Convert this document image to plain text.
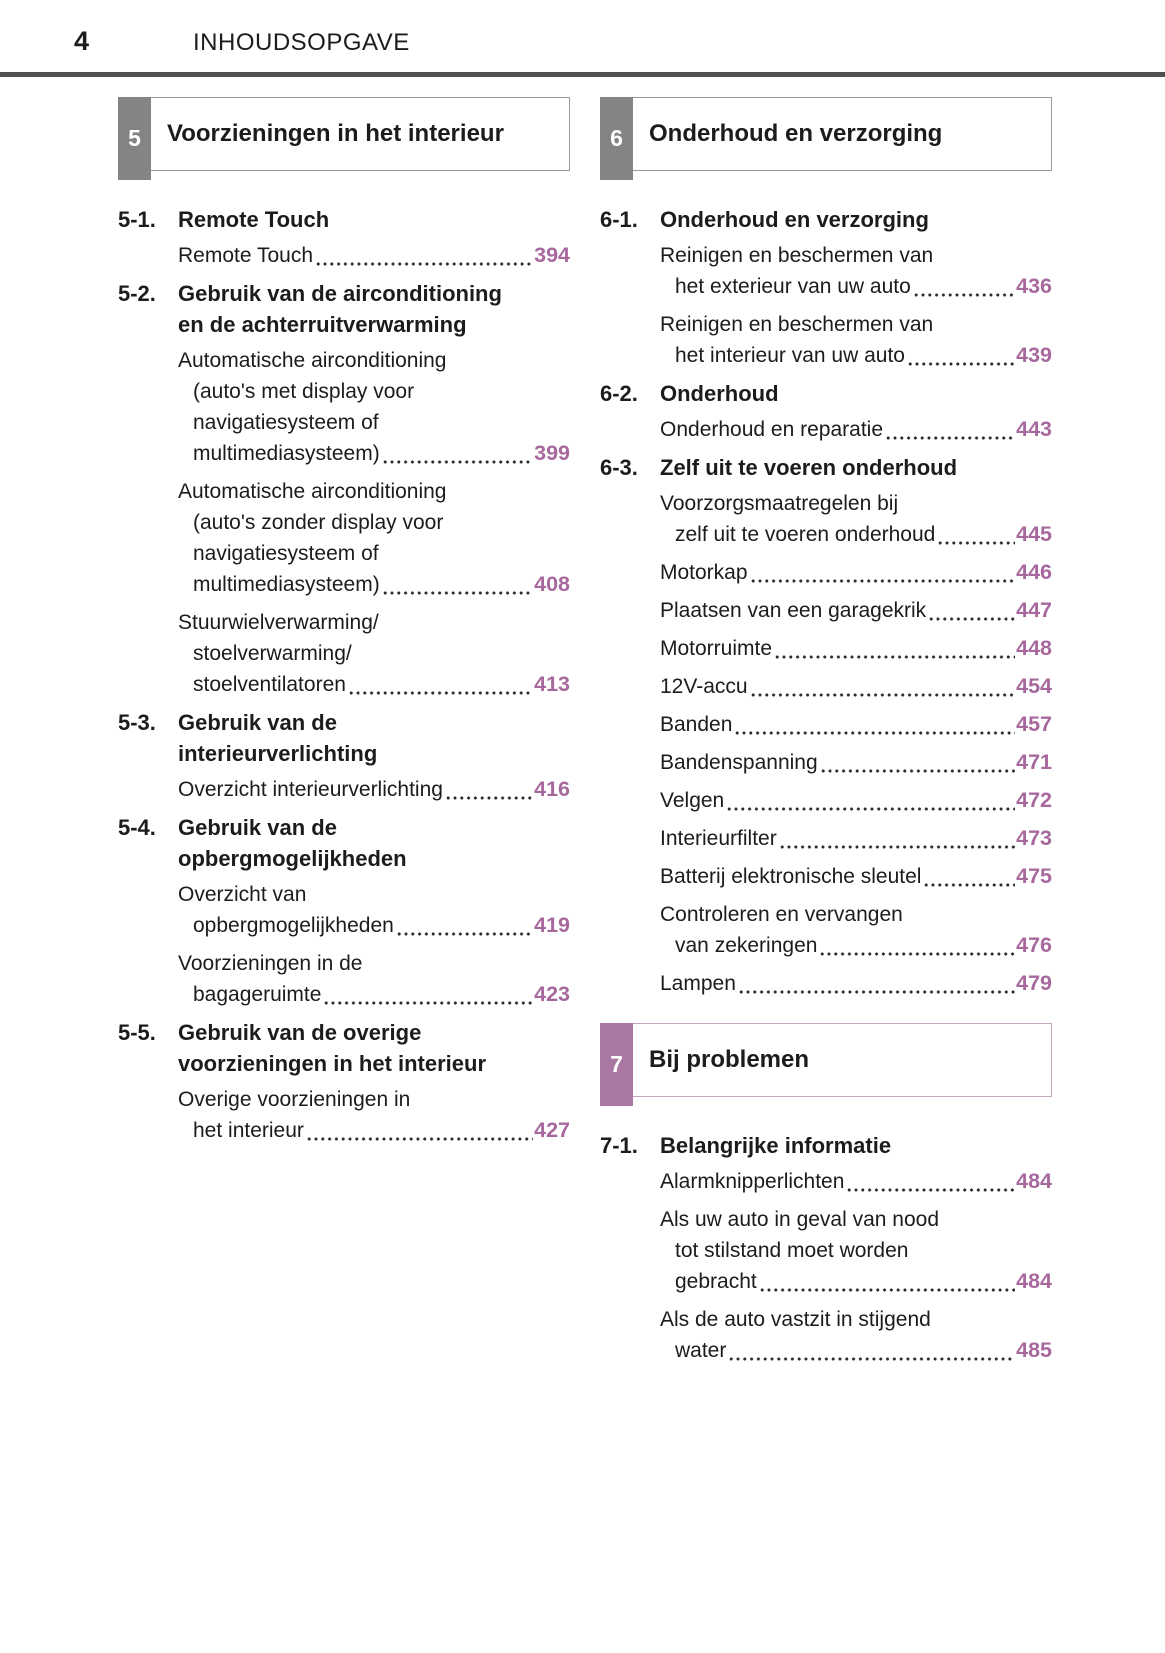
4	INHOUDSOPGAVE
5	Voorzieningen in het interieur
5-1. Remote Touch
Remote Touch	394
5-2. Gebruik van de airconditioning
en de achterruitverwarming
Automatische airconditioning
(auto's met display voor
navigatiesysteem of
multimediasysteem)	399
Automatische airconditioning
(auto's zonder display voor
navigatiesysteem of
multimediasysteem)	408
Stuurwielverwarming/
stoelverwarming/
stoelventilatoren	413
5-3. Gebruik van de
interieurverlichting
Overzicht interieurverlichting	416
5-4. Gebruik van de
opbergmogelijkheden
Overzicht van
opbergmogelijkheden	419
Voorzieningen in de
bagageruimte	423
5-5. Gebruik van de overige
voorzieningen in het interieur
Overige voorzieningen in
het interieur	427
6	Onderhoud en verzorging
6-1. Onderhoud en verzorging
Reinigen en beschermen van
het exterieur van uw auto	436
Reinigen en beschermen van
het interieur van uw auto	439
6-2. Onderhoud
Onderhoud en reparatie	443
6-3. Zelf uit te voeren onderhoud
Voorzorgsmaatregelen bij
zelf uit te voeren onderhoud	445
Motorkap	446
Plaatsen van een garagekrik	447
Motorruimte	448
12V-accu	454
Banden	457
Bandenspanning	471
Velgen	472
Interieurfilter	473
Batterij elektronische sleutel	475
Controleren en vervangen
van zekeringen	476
Lampen	479
7	Bij problemen
7-1. Belangrijke informatie
Alarmknipperlichten	484
Als uw auto in geval van nood
tot stilstand moet worden
gebracht	484
Als de auto vastzit in stijgend
water	485
